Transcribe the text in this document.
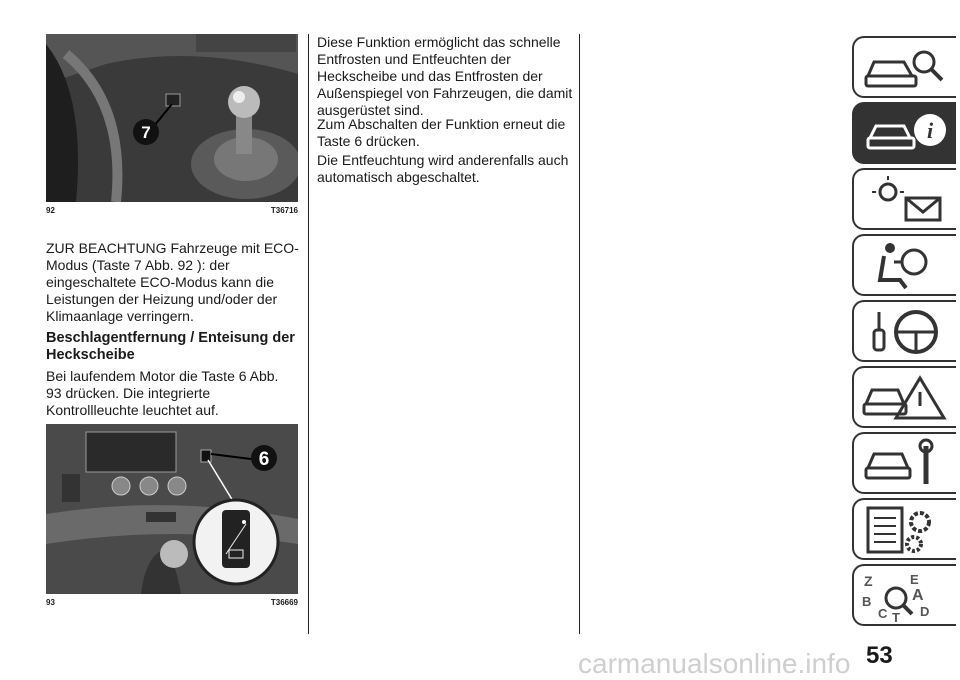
7
92	T36716

ZUR BEACHTUNG Fahrzeuge mit ECO-Modus (Taste 7 Abb. 92 ): der eingeschaltete ECO-Modus kann die Leistungen der Heizung und/oder der Klimaanlage verringern.

Beschlagentfernung / Enteisung der Heckscheibe

Bei laufendem Motor die Taste 6 Abb. 93 drücken. Die integrierte Kontrollleuchte leuchtet auf.

6
93	T36669

Diese Funktion ermöglicht das schnelle Entfrosten und Entfeuchten der Heckscheibe und das Entfrosten der Außenspiegel von Fahrzeugen, die damit ausgerüstet sind.

Zum Abschalten der Funktion erneut die Taste 6 drücken.

Die Entfeuchtung wird anderenfalls auch automatisch abgeschaltet.

i
Z	E
A
B
C	D
T
53
carmanualsonline.info
